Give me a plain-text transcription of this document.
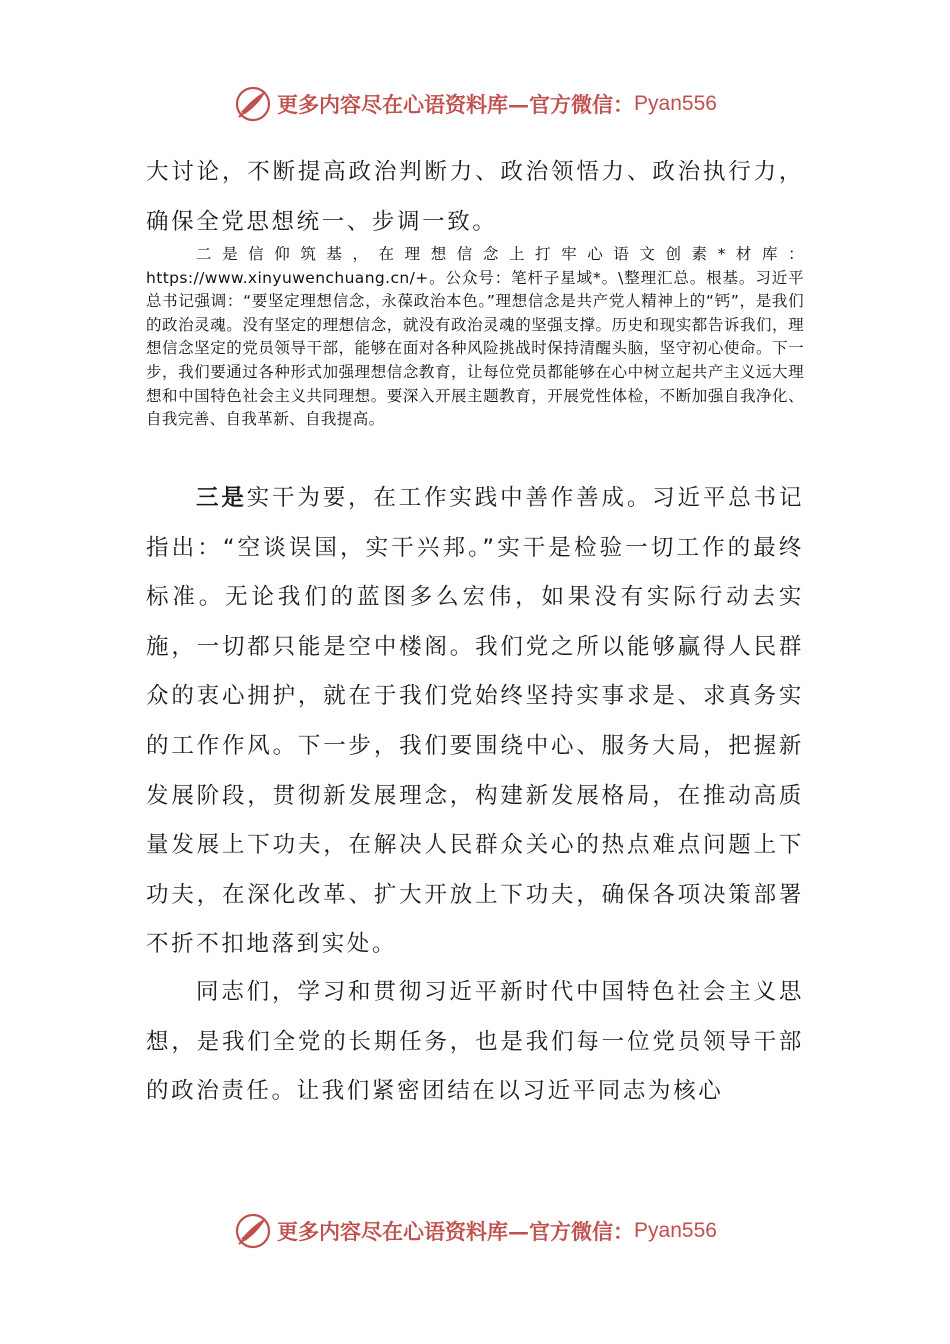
更多内容尽在心语资料库—官方微信： Pyan556

大讨论，不断提高政治判断力、政治领悟力、政治执行力，确保全党思想统一、步调一致。

二是信仰筑基，在理想信念上打牢心语文创素*材库：https://www.xinyuwenchuang.cn/+。公众号：笔杆子星域*。\整理汇总。根基。习近平总书记强调：“要坚定理想信念，永葆政治本色。”理想信念是共产党人精神上的“钙”，是我们的政治灵魂。没有坚定的理想信念，就没有政治灵魂的坚强支撑。历史和现实都告诉我们，理想信念坚定的党员领导干部，能够在面对各种风险挑战时保持清醒头脑，坚守初心使命。下一步，我们要通过各种形式加强理想信念教育，让每位党员都能够在心中树立起共产主义远大理想和中国特色社会主义共同理想。要深入开展主题教育，开展党性体检，不断加强自我净化、自我完善、自我革新、自我提高。

三是实干为要，在工作实践中善作善成。习近平总书记指出：“空谈误国，实干兴邦。”实干是检验一切工作的最终标准。无论我们的蓝图多么宏伟，如果没有实际行动去实施，一切都只能是空中楼阁。我们党之所以能够赢得人民群众的衷心拥护，就在于我们党始终坚持实事求是、求真务实的工作作风。下一步，我们要围绕中心、服务大局，把握新发展阶段，贯彻新发展理念，构建新发展格局，在推动高质量发展上下功夫，在解决人民群众关心的热点难点问题上下功夫，在深化改革、扩大开放上下功夫，确保各项决策部署不折不扣地落到实处。

同志们，学习和贯彻习近平新时代中国特色社会主义思想，是我们全党的长期任务，也是我们每一位党员领导干部的政治责任。让我们紧密团结在以习近平同志为核心

更多内容尽在心语资料库—官方微信： Pyan556
